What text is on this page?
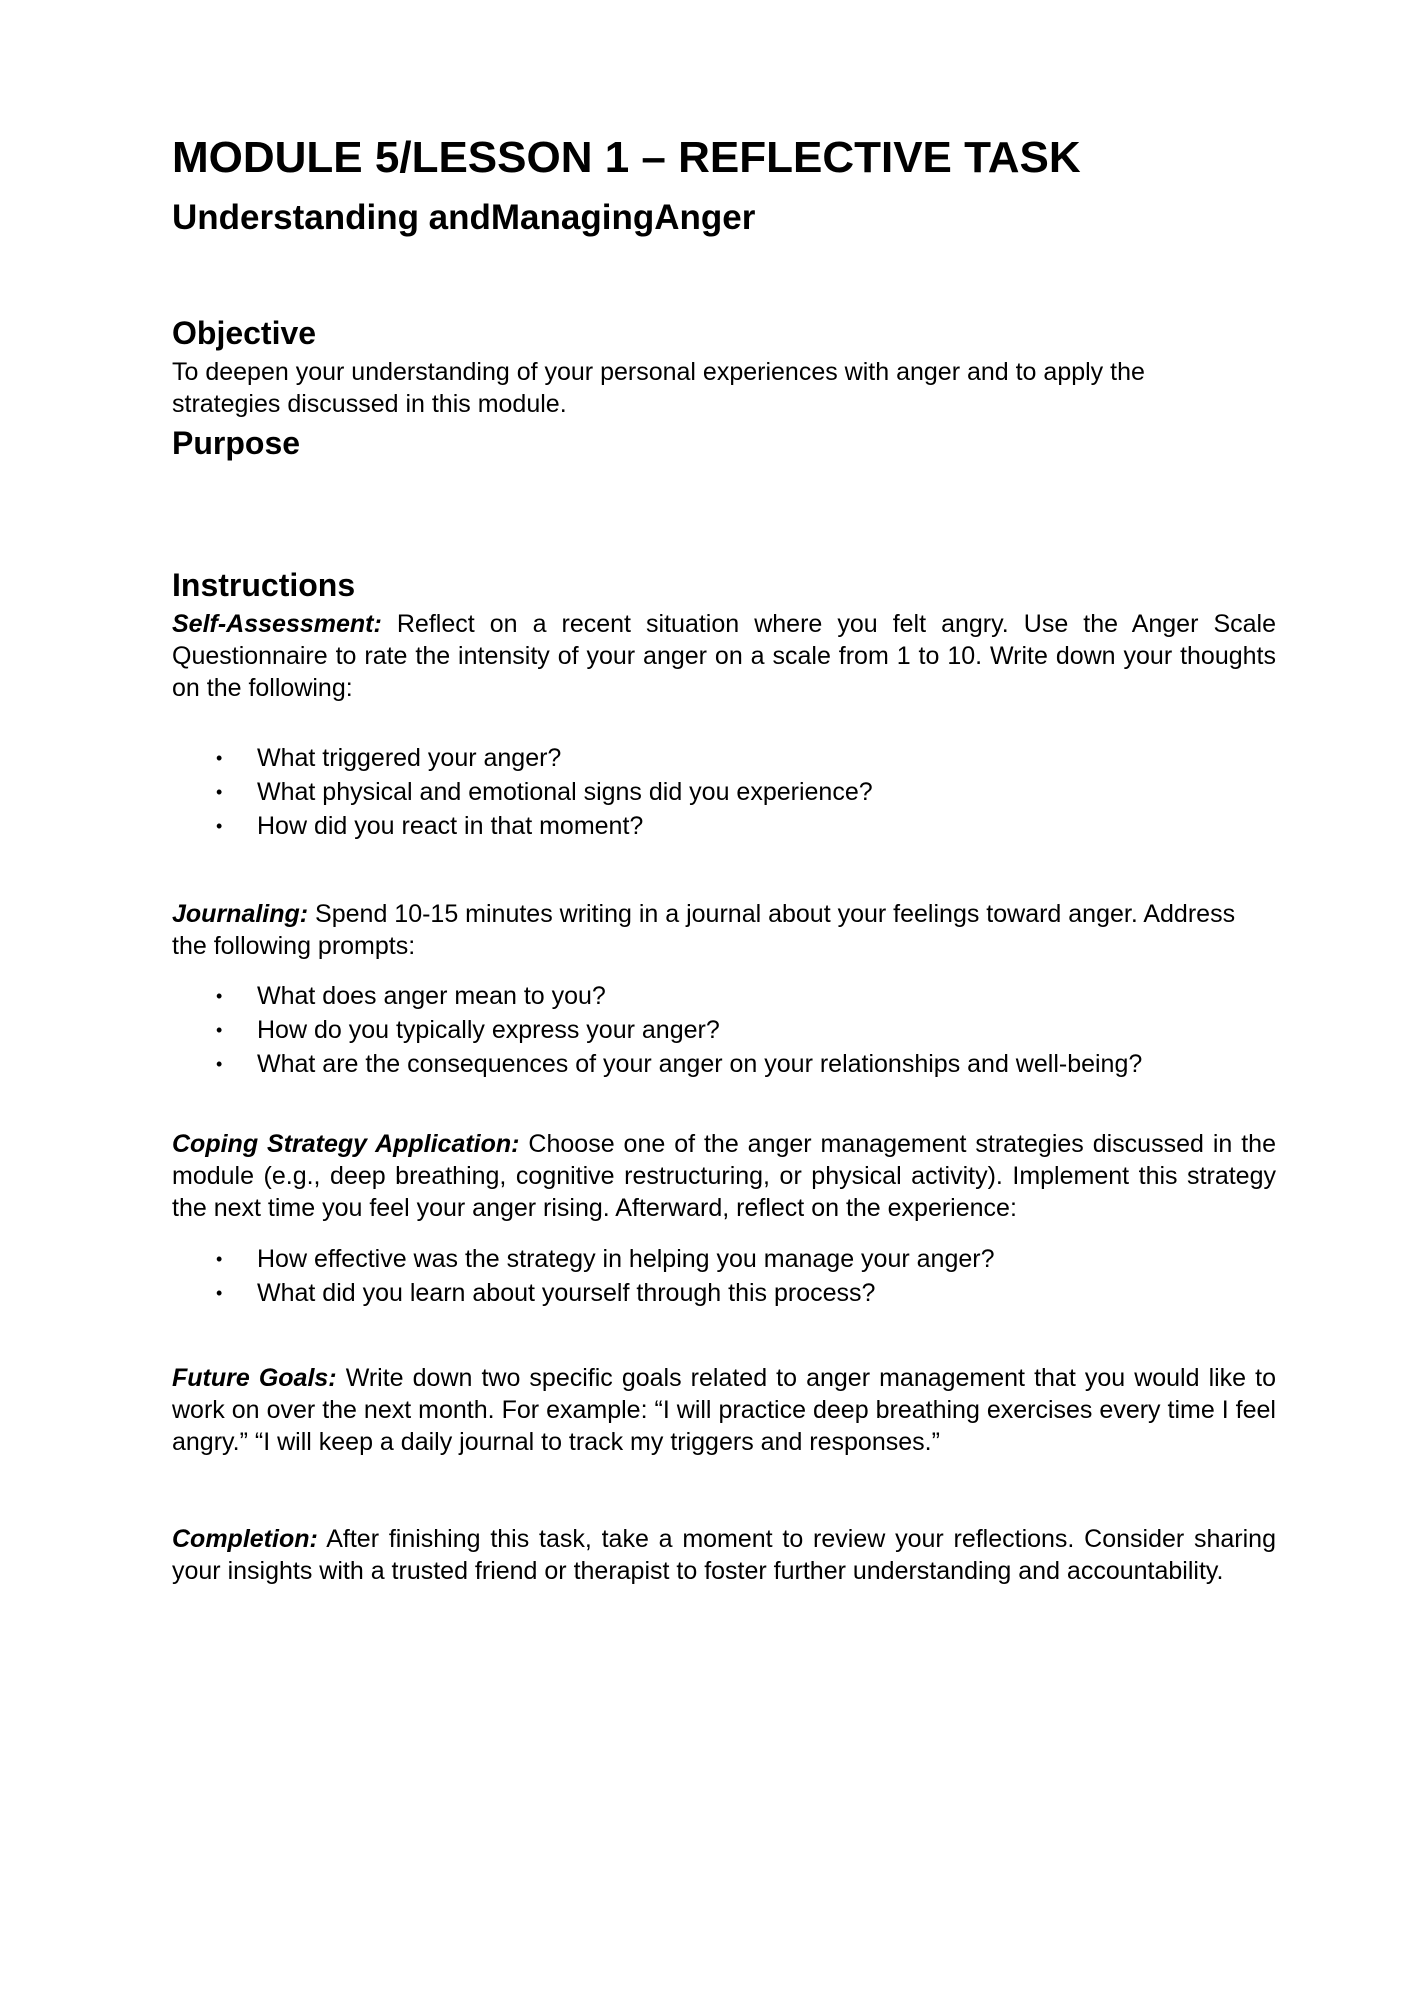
MODULE 5/LESSON 1 – REFLECTIVE TASK
Understanding andManagingAnger
Objective

To deepen your understanding of your personal experiences with anger and to apply the strategies discussed in this module.

Purpose
Instructions

Self-Assessment: Reflect on a recent situation where you felt angry. Use the Anger Scale Questionnaire to rate the intensity of your anger on a scale from 1 to 10. Write down your thoughts on the following:

• What triggered your anger?
• What physical and emotional signs did you experience?
• How did you react in that moment?

Journaling: Spend 10-15 minutes writing in a journal about your feelings toward anger. Address the following prompts:

• What does anger mean to you?
• How do you typically express your anger?
• What are the consequences of your anger on your relationships and well-being?

Coping Strategy Application: Choose one of the anger management strategies discussed in the module (e.g., deep breathing, cognitive restructuring, or physical activity). Implement this strategy the next time you feel your anger rising. Afterward, reflect on the experience:

• How effective was the strategy in helping you manage your anger?
• What did you learn about yourself through this process?

Future Goals: Write down two specific goals related to anger management that you would like to work on over the next month. For example: “I will practice deep breathing exercises every time I feel angry.” “I will keep a daily journal to track my triggers and responses.”

Completion: After finishing this task, take a moment to review your reflections. Consider sharing your insights with a trusted friend or therapist to foster further understanding and accountability.
